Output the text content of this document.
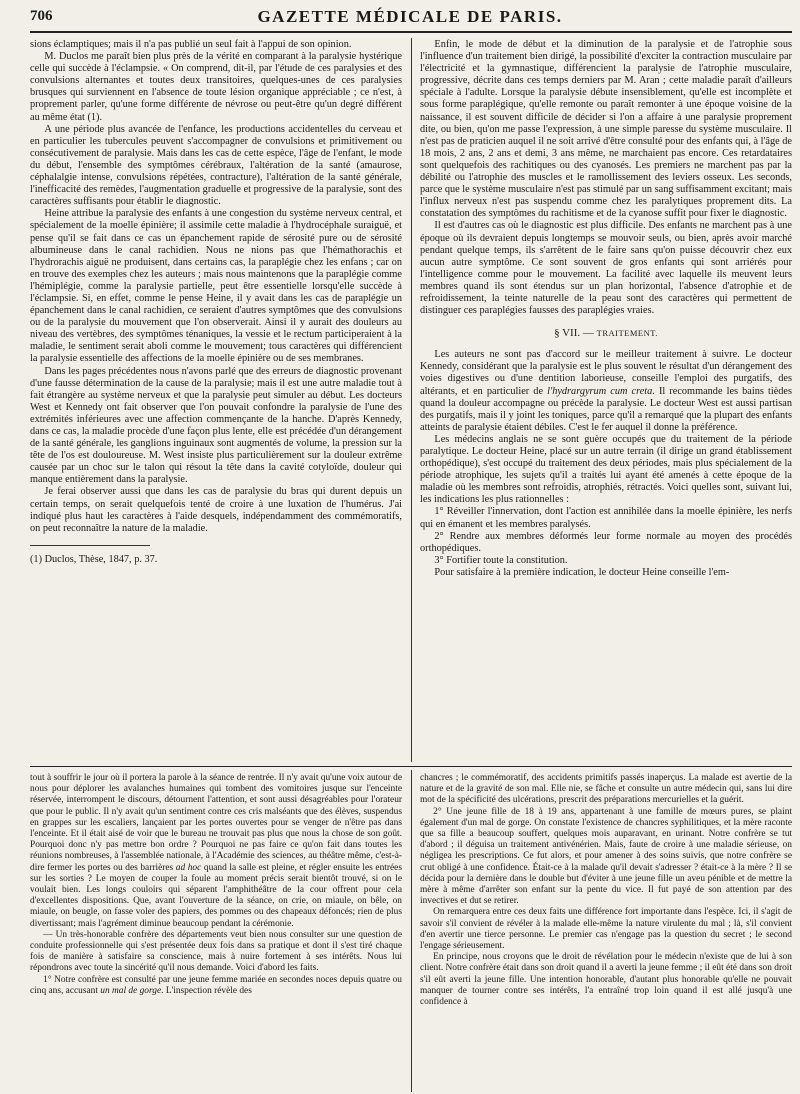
706	GAZETTE MÉDICALE DE PARIS.

sions éclamptiques; mais il n'a pas publié un seul fait à l'appui de son opinion.

M. Duclos me paraît bien plus près de la vérité en comparant à la paralysie hystérique celle qui succède à l'éclampsie. « On comprend, dit-il, par l'étude de ces paralysies et des convulsions alternantes et toutes deux transitoires, quelques-unes de ces paralysies brusques qui surviennent en l'absence de toute lésion organique appréciable ; ce n'est, à proprement parler, qu'une forme différente de névrose ou peut-être qu'un degré différent au même état (1).

A une période plus avancée de l'enfance, les productions accidentelles du cerveau et en particulier les tubercules peuvent s'accompagner de convulsions et primitivement ou consécutivement de paralysie. Mais dans les cas de cette espèce, l'âge de l'enfant, le mode du début, l'ensemble des symptômes cérébraux, l'altération de la santé (amaurose, céphalalgie intense, convulsions répétées, contracture), l'altération de la santé générale, l'inefficacité des remèdes, l'augmentation graduelle et progressive de la paralysie, sont des caractères suffisants pour établir le diagnostic.

Heine attribue la paralysie des enfants à une congestion du système nerveux central, et spécialement de la moelle épinière; il assimile cette maladie à l'hydrocéphale suraiguë, et pense qu'il se fait dans ce cas un épanchement rapide de sérosité pure ou de sérosité albumineuse dans le canal rachidien. Nous ne nions pas que l'hémathorachis et l'hydrorachis aiguë ne produisent, dans certains cas, la paraplégie chez les enfans ; car on en trouve des exemples chez les auteurs ; mais nous maintenons que la paraplégie comme l'hémiplégie, comme la paralysie partielle, peut être essentielle lorsqu'elle succède à l'éclampsie. Si, en effet, comme le pense Heine, il y avait dans les cas de paraplégie un épanchement dans le canal rachidien, ce seraient d'autres symptômes que des convulsions ou de la paralysie du mouvement que l'on observerait. Ainsi il y aurait des douleurs au niveau des vertèbres, des symptômes ténaniques, la vessie et le rectum participeraient à la maladie, le sentiment serait aboli comme le mouvement; tous caractères qui différencient la paralysie essentielle des affections de la moelle épinière ou de ses membranes.

Dans les pages précédentes nous n'avons parlé que des erreurs de diagnostic provenant d'une fausse détermination de la cause de la paralysie; mais il est une autre maladie tout à fait étrangère au système nerveux et que la paralysie peut simuler au début. Les docteurs West et Kennedy ont fait observer que l'on pouvait confondre la paralysie de l'une des extrémités inférieures avec une affection commençante de la hanche. D'après Kennedy, dans ce cas, la maladie procède d'une façon plus lente, elle est précédée d'un dérangement de la santé générale, les ganglions inguinaux sont augmentés de volume, la pression sur la tête de l'os est douloureuse. M. West insiste plus particulièrement sur la douleur extrême causée par un choc sur le talon qui résout la tête dans la cavité cotyloïde, douleur qui manque entièrement dans la paralysie.

Je ferai observer aussi que dans les cas de paralysie du bras qui durent depuis un certain temps, on serait quelquefois tenté de croire à une luxation de l'humérus. J'ai indiqué plus haut les caractères à l'aide desquels, indépendamment des commémoratifs, on peut reconnaître la nature de la maladie.

(1) Duclos, Thèse, 1847, p. 37.

Enfin, le mode de début et la diminution de la paralysie et de l'atrophie sous l'influence d'un traitement bien dirigé, la possibilité d'exciter la contraction musculaire par l'électricité et la gymnastique, différencient la paralysie de l'atrophie musculaire, progressive, décrite dans ces temps derniers par M. Aran ; cette maladie paraît d'ailleurs spéciale à l'adulte. Lorsque la paralysie débute insensiblement, qu'elle est incomplète et sous forme paraplégique, qu'elle remonte ou paraît remonter à une époque voisine de la naissance, il est souvent difficile de décider si l'on a affaire à une paralysie proprement dite, ou bien, qu'on me passe l'expression, à une simple paresse du système musculaire. Il n'est pas de praticien auquel il ne soit arrivé d'être consulté pour des enfants qui, à l'âge de 18 mois, 2 ans, 2 ans et demi, 3 ans même, ne marchaient pas encore. Ces retardataires sont quelquefois des rachitiques ou des cyanosés. Les premiers ne marchent pas par la débilité ou l'atrophie des muscles et le ramollissement des leviers osseux. Les seconds, parce que le système musculaire n'est pas stimulé par un sang suffisamment excitant; mais l'influx nerveux n'est pas suspendu comme chez les paralytiques proprement dits. La constatation des symptômes du rachitisme et de la cyanose suffit pour fixer le diagnostic.

Il est d'autres cas où le diagnostic est plus difficile. Des enfants ne marchent pas à une époque où ils devraient depuis longtemps se mouvoir seuls, ou bien, après avoir marché pendant quelque temps, ils s'arrêtent de le faire sans qu'on puisse découvrir chez eux aucun autre symptôme. Ce sont souvent de gros enfants qui sont arriérés pour l'intelligence comme pour le mouvement. La facilité avec laquelle ils meuvent leurs membres quand ils sont étendus sur un plan horizontal, l'absence d'atrophie et de refroidissement, la teinte naturelle de la peau sont des caractères qui permettent de distinguer ces paraplégies fausses des paraplégies vraies.

§ VII. — TRAITEMENT.

Les auteurs ne sont pas d'accord sur le meilleur traitement à suivre. Le docteur Kennedy, considérant que la paralysie est le plus souvent le résultat d'un dérangement des voies digestives ou d'une dentition laborieuse, conseille l'emploi des purgatifs, des altérants, et en particulier de l'hydrargyrum cum creta. Il recommande les bains tièdes quand la douleur accompagne ou précède la paralysie. Le docteur West est aussi partisan des purgatifs, mais il y joint les toniques, parce qu'il a remarqué que la plupart des enfants atteints de paralysie étaient débiles. C'est le fer auquel il donne la préférence.

Les médecins anglais ne se sont guère occupés que du traitement de la période paralytique. Le docteur Heine, placé sur un autre terrain (il dirige un grand établissement orthopédique), s'est occupé du traitement des deux périodes, mais plus spécialement de la période atrophique, les sujets qu'il a traités lui ayant été amenés à cette époque de la maladie où les membres sont refroidis, atrophiés, rétractés. Voici quelles sont, suivant lui, les indications les plus rationnelles :

1° Réveiller l'innervation, dont l'action est annihilée dans la moelle épinière, les nerfs qui en émanent et les membres paralysés.

2° Rendre aux membres déformés leur forme normale au moyen des procédés orthopédiques.

3° Fortifier toute la constitution.

Pour satisfaire à la première indication, le docteur Heine conseille l'em-

tout à souffrir le jour où il portera la parole à la séance de rentrée. Il n'y avait qu'une voix autour de nous pour déplorer les avalanches humaines qui tombent des vomitoires jusque sur l'enceinte réservée, interrompent le discours, détournent l'attention, et sont aussi désagréables pour l'orateur que pour le public. Il n'y avait qu'un sentiment contre ces cris malséants que des élèves, suspendus en grappes sur les escaliers, lançaient par les portes ouvertes pour se venger de n'être pas dans l'enceinte. Et il était aisé de voir que le bureau ne trouvait pas plus que nous la chose de son goût. Pourquoi donc n'y pas mettre bon ordre ? Pourquoi ne pas faire ce qu'on fait dans toutes les réunions nombreuses, à l'assemblée nationale, à l'Académie des sciences, au théâtre même, c'est-à-dire fermer les portes ou des barrières ad hoc quand la salle est pleine, et régler ensuite les entrées sur les sorties ? Le moyen de couper la foule au moment précis serait bientôt trouvé, si on le voulait bien. Les longs couloirs qui séparent l'amphithéâtre de la cour offrent pour cela d'excellentes dispositions. Que, avant l'ouverture de la séance, on crie, on miaule, on bêle, on miaule, on beugle, on fasse voler des papiers, des pommes ou des chapeaux défoncés; rien de plus divertissant; mais l'agrément diminue beaucoup pendant la cérémonie.

— Un très-honorable confrère des départements veut bien nous consulter sur une question de conduite professionnelle qui s'est présentée deux fois dans sa pratique et dont il s'est tiré chaque fois de manière à satisfaire sa conscience, mais à nuire fortement à ses intérêts. Nous lui répondrons avec toute la sincérité qu'il nous demande. Voici d'abord les faits.

1° Notre confrère est consulté par une jeune femme mariée en secondes noces depuis quatre ou cinq ans, accusant un mal de gorge. L'inspection révèle des

chancres ; le commémoratif, des accidents primitifs passés inaperçus. La malade est avertie de la nature et de la gravité de son mal. Elle nie, se fâche et consulte un autre médecin qui, sans lui dire mot de la spécificité des ulcérations, prescrit des préparations mercurielles et la guérit.

2° Une jeune fille de 18 à 19 ans, appartenant à une famille de mœurs pures, se plaint également d'un mal de gorge. On constate l'existence de chancres syphilitiques, et la mère raconte que sa fille a beaucoup souffert, quelques mois auparavant, en urinant. Notre confrère se tut d'abord ; il déguisa un traitement antivénérien. Mais, faute de croire à une maladie sérieuse, on négligea les prescriptions. Ce fut alors, et pour amener à des soins suivis, que notre confrère se crut obligé à une confidence. Était-ce à la malade qu'il devait s'adresser ? était-ce à la mère ? Il se décida pour la dernière dans le double but d'éviter à une jeune fille un aveu pénible et de mettre la mère à même d'arrêter son enfant sur la pente du vice. Il fut payé de son attention par des invectives et dut se retirer.

On remarquera entre ces deux faits une différence fort importante dans l'espèce. Ici, il s'agit de savoir s'il convient de révéler à la malade elle-même la nature virulente du mal ; là, s'il convient d'en avertir une tierce personne. Le premier cas n'engage pas la question du secret ; le second l'engage sérieusement.

En principe, nous croyons que le droit de révélation pour le médecin n'existe que de lui à son client. Notre confrère était dans son droit quand il a averti la jeune femme ; il eût été dans son droit s'il eût averti la jeune fille. Une intention honorable, d'autant plus honorable qu'elle ne pouvait manquer de tourner contre ses intérêts, l'a entraîné trop loin quand il est allé jusqu'à une confidence à
